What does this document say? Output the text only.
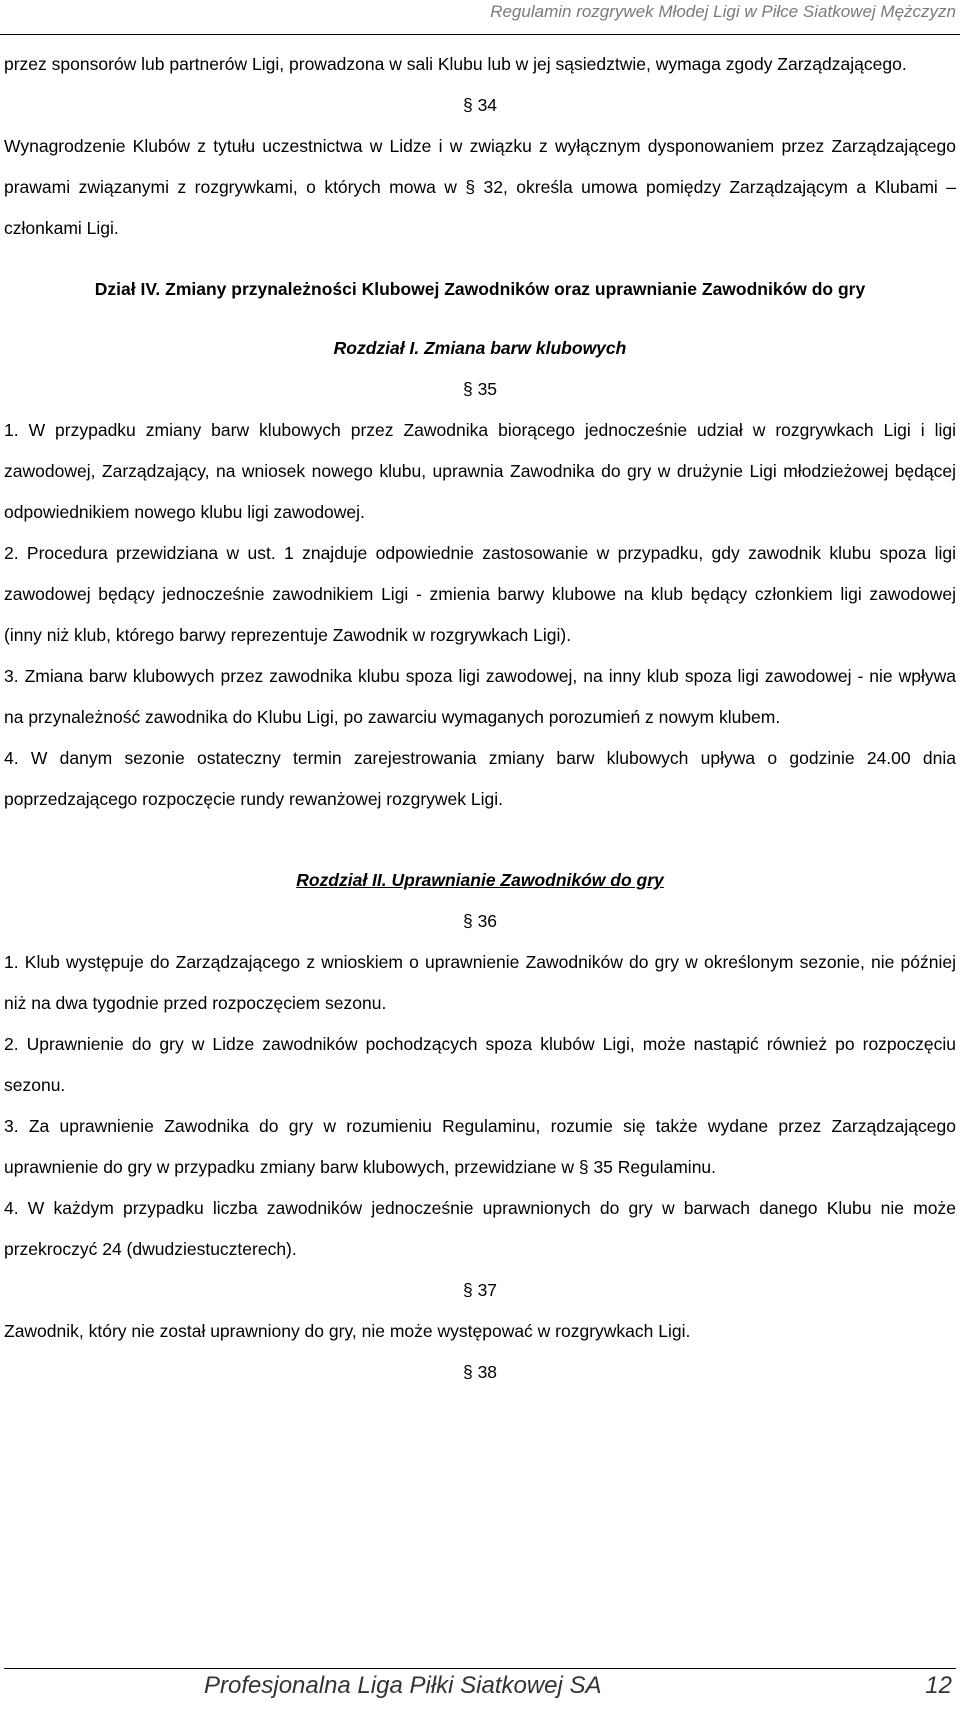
Regulamin rozgrywek Młodej Ligi w Piłce Siatkowej Mężczyzn

przez sponsorów lub partnerów Ligi, prowadzona w sali Klubu lub w jej sąsiedztwie, wymaga zgody Zarządzającego.

§ 34

Wynagrodzenie Klubów z tytułu uczestnictwa w Lidze i w związku z wyłącznym dysponowaniem przez Zarządzającego prawami związanymi z rozgrywkami, o których mowa w § 32, określa umowa pomiędzy Zarządzającym a Klubami – członkami Ligi.

Dział IV. Zmiany przynależności Klubowej Zawodników oraz uprawnianie Zawodników do gry

Rozdział I. Zmiana barw klubowych

§ 35

1. W przypadku zmiany barw klubowych przez Zawodnika biorącego jednocześnie udział w rozgrywkach Ligi i ligi zawodowej, Zarządzający, na wniosek nowego klubu, uprawnia Zawodnika do gry w drużynie Ligi młodzieżowej będącej odpowiednikiem nowego klubu ligi zawodowej.

2. Procedura przewidziana w ust. 1 znajduje odpowiednie zastosowanie w przypadku, gdy zawodnik klubu spoza ligi zawodowej będący jednocześnie zawodnikiem Ligi - zmienia barwy klubowe na klub będący członkiem ligi zawodowej (inny niż klub, którego barwy reprezentuje Zawodnik w rozgrywkach Ligi).

3. Zmiana barw klubowych przez zawodnika klubu spoza ligi zawodowej, na inny klub spoza ligi zawodowej - nie wpływa na przynależność zawodnika do Klubu Ligi, po zawarciu wymaganych porozumień z nowym klubem.

4. W danym sezonie ostateczny termin zarejestrowania zmiany barw klubowych upływa o godzinie 24.00 dnia poprzedzającego rozpoczęcie rundy rewanżowej rozgrywek Ligi.

Rozdział II. Uprawnianie Zawodników do gry

§ 36

1. Klub występuje do Zarządzającego z wnioskiem o uprawnienie Zawodników do gry w określonym sezonie, nie później niż na dwa tygodnie przed rozpoczęciem sezonu.

2. Uprawnienie do gry w Lidze zawodników pochodzących spoza klubów Ligi, może nastąpić również po rozpoczęciu sezonu.

3. Za uprawnienie Zawodnika do gry w rozumieniu Regulaminu, rozumie się także wydane przez Zarządzającego uprawnienie do gry w przypadku zmiany barw klubowych, przewidziane w § 35 Regulaminu.

4. W każdym przypadku liczba zawodników jednocześnie uprawnionych do gry w barwach danego Klubu nie może przekroczyć 24 (dwudziestuczterech).

§ 37

Zawodnik, który nie został uprawniony do gry, nie może występować w rozgrywkach Ligi.

§ 38

Profesjonalna Liga Piłki Siatkowej SA	12
